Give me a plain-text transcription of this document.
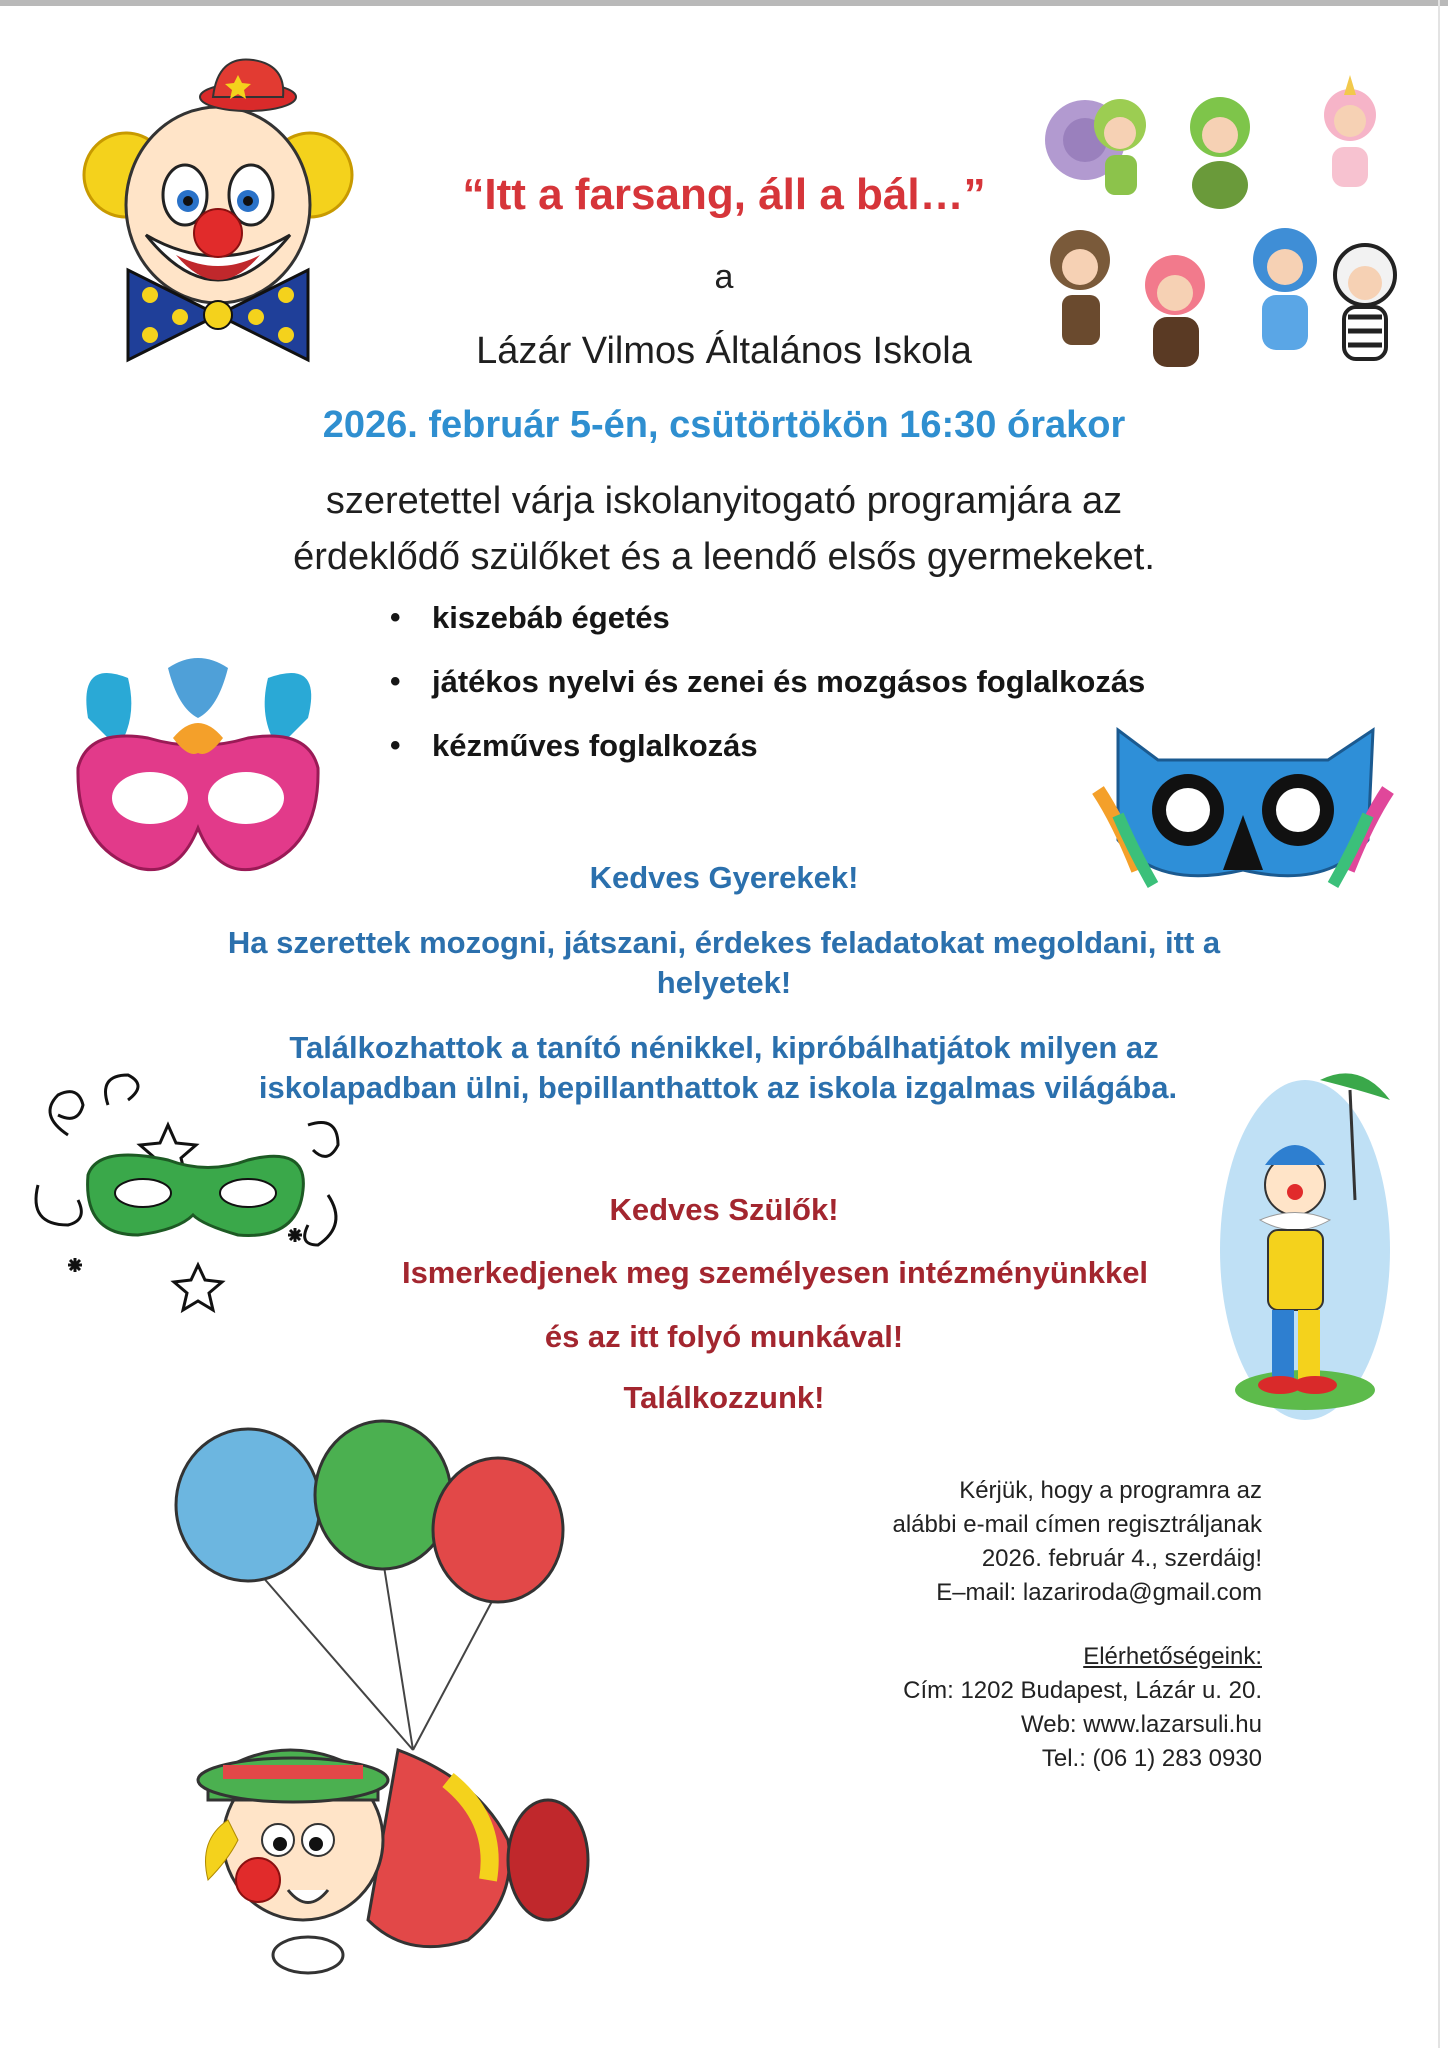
“Itt a farsang, áll a bál…”
a
Lázár Vilmos Általános Iskola
2026. február 5-én, csütörtökön 16:30 órakor
szeretettel várja iskolanyitogató programjára az
érdeklődő szülőket és a leendő elsős gyermekeket.
• kiszebáb égetés
• játékos nyelvi és zenei és mozgásos foglalkozás
• kézműves foglalkozás
Kedves Gyerekek!
Ha szerettek mozogni, játszani, érdekes feladatokat megoldani, itt a
helyetek!
Találkozhattok a tanító nénikkel, kipróbálhatjátok milyen az
iskolapadban ülni, bepillanthattok az iskola izgalmas világába.
Kedves Szülők!
Ismerkedjenek meg személyesen intézményünkkel
és az itt folyó munkával!
Találkozzunk!
Kérjük, hogy a programra az
alábbi e-mail címen regisztráljanak
2026. február 4., szerdáig!
E–mail: lazariroda@gmail.com
Elérhetőségeink:
Cím: 1202 Budapest, Lázár u. 20.
Web: www.lazarsuli.hu
Tel.: (06 1) 283 0930
